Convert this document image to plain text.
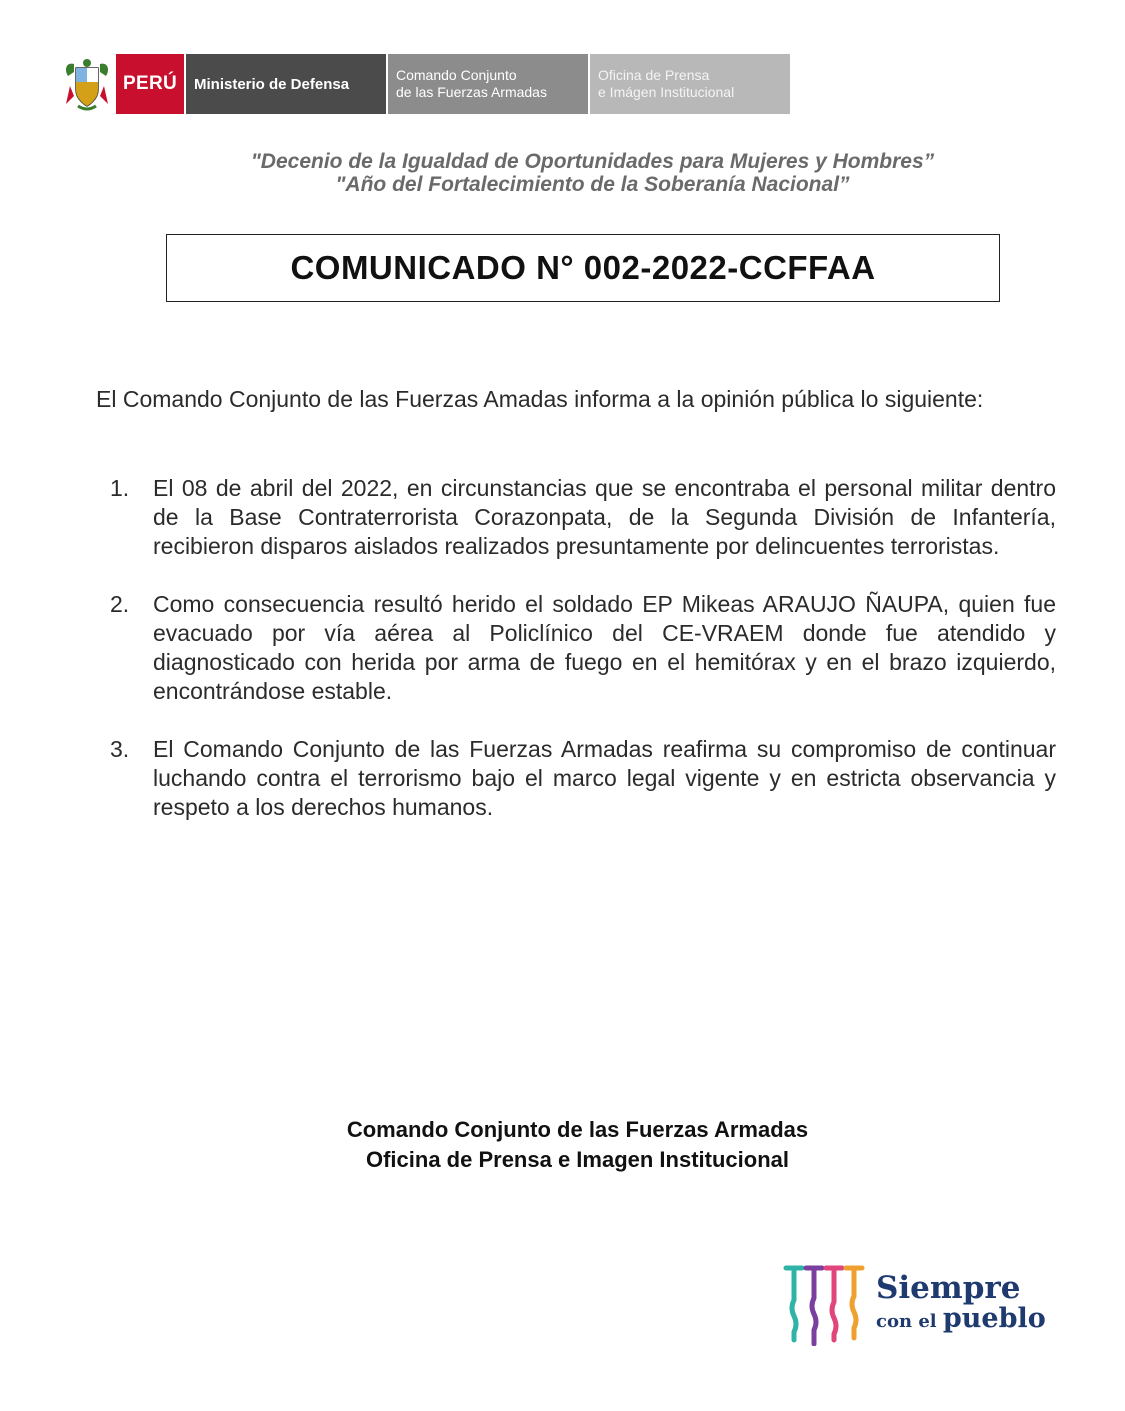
PERÚ	Ministerio de Defensa
Comando Conjunto
de las Fuerzas Armadas
Oficina de Prensa
e Imágen Institucional
"Decenio de la Igualdad de Oportunidades para Mujeres y Hombres”
"Año del Fortalecimiento de la Soberanía Nacional”
COMUNICADO N° 002-2022-CCFFAA
El Comando Conjunto de las Fuerzas Amadas informa a la opinión pública lo siguiente:
1. El 08 de abril del 2022, en circunstancias que se encontraba el personal militar dentro de la Base Contraterrorista Corazonpata, de la Segunda División de Infantería, recibieron disparos aislados realizados presuntamente por delincuentes terroristas.
2. Como consecuencia resultó herido el soldado EP Mikeas ARAUJO ÑAUPA, quien fue evacuado por vía aérea al Policlínico del CE-VRAEM donde fue atendido y diagnosticado con herida por arma de fuego en el hemitórax y en el brazo izquierdo, encontrándose estable.
3. El Comando Conjunto de las Fuerzas Armadas reafirma su compromiso de continuar luchando contra el terrorismo bajo el marco legal vigente y en estricta observancia y respeto a los derechos humanos.
Comando Conjunto de las Fuerzas Armadas
Oficina de Prensa e Imagen Institucional
Siempre
con el pueblo
